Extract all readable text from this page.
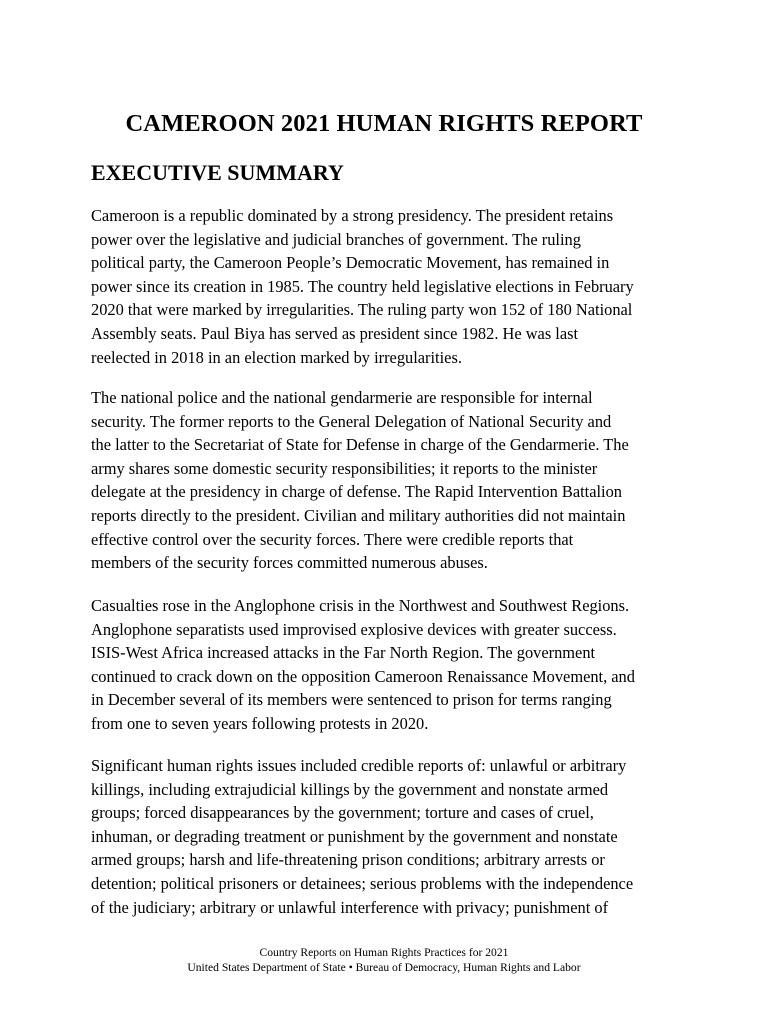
CAMEROON 2021 HUMAN RIGHTS REPORT
EXECUTIVE SUMMARY
Cameroon is a republic dominated by a strong presidency. The president retains
power over the legislative and judicial branches of government. The ruling
political party, the Cameroon People’s Democratic Movement, has remained in
power since its creation in 1985. The country held legislative elections in February
2020 that were marked by irregularities. The ruling party won 152 of 180 National
Assembly seats. Paul Biya has served as president since 1982. He was last
reelected in 2018 in an election marked by irregularities.
The national police and the national gendarmerie are responsible for internal
security. The former reports to the General Delegation of National Security and
the latter to the Secretariat of State for Defense in charge of the Gendarmerie. The
army shares some domestic security responsibilities; it reports to the minister
delegate at the presidency in charge of defense. The Rapid Intervention Battalion
reports directly to the president. Civilian and military authorities did not maintain
effective control over the security forces. There were credible reports that
members of the security forces committed numerous abuses.
Casualties rose in the Anglophone crisis in the Northwest and Southwest Regions.
Anglophone separatists used improvised explosive devices with greater success.
ISIS-West Africa increased attacks in the Far North Region. The government
continued to crack down on the opposition Cameroon Renaissance Movement, and
in December several of its members were sentenced to prison for terms ranging
from one to seven years following protests in 2020.
Significant human rights issues included credible reports of: unlawful or arbitrary
killings, including extrajudicial killings by the government and nonstate armed
groups; forced disappearances by the government; torture and cases of cruel,
inhuman, or degrading treatment or punishment by the government and nonstate
armed groups; harsh and life-threatening prison conditions; arbitrary arrests or
detention; political prisoners or detainees; serious problems with the independence
of the judiciary; arbitrary or unlawful interference with privacy; punishment of
Country Reports on Human Rights Practices for 2021
United States Department of State • Bureau of Democracy, Human Rights and Labor
